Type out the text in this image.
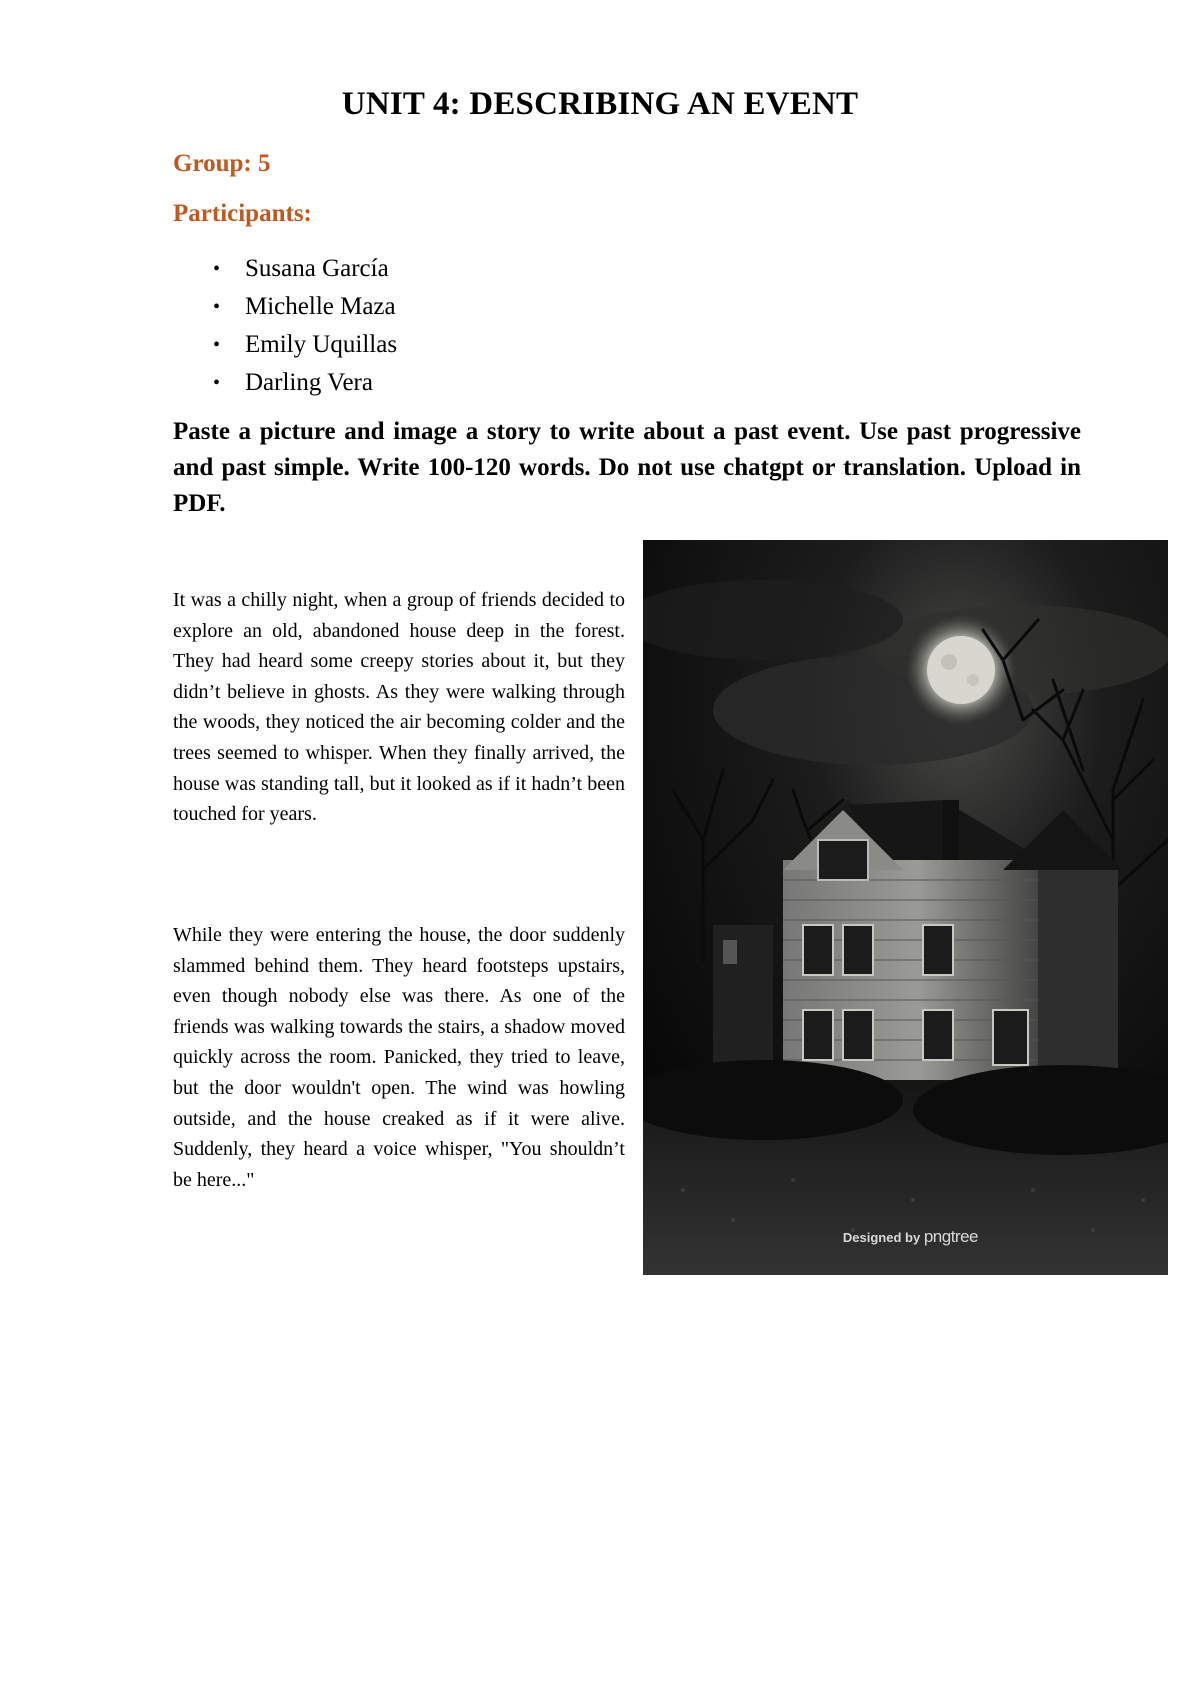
UNIT 4: DESCRIBING AN EVENT
Group: 5
Participants:
• Susana García
• Michelle Maza
• Emily Uquillas
• Darling Vera
Paste a picture and image a story to write about a past event. Use past progressive and past simple. Write 100-120 words. Do not use chatgpt or translation. Upload in PDF.
It was a chilly night, when a group of friends decided to explore an old, abandoned house deep in the forest. They had heard some creepy stories about it, but they didn’t believe in ghosts. As they were walking through the woods, they noticed the air becoming colder and the trees seemed to whisper. When they finally arrived, the house was standing tall, but it looked as if it hadn’t been touched for years.
While they were entering the house, the door suddenly slammed behind them. They heard footsteps upstairs, even though nobody else was there. As one of the friends was walking towards the stairs, a shadow moved quickly across the room. Panicked, they tried to leave, but the door wouldn't open. The wind was howling outside, and the house creaked as if it were alive. Suddenly, they heard a voice whisper, "You shouldn’t be here..."
Designed by pngtree
